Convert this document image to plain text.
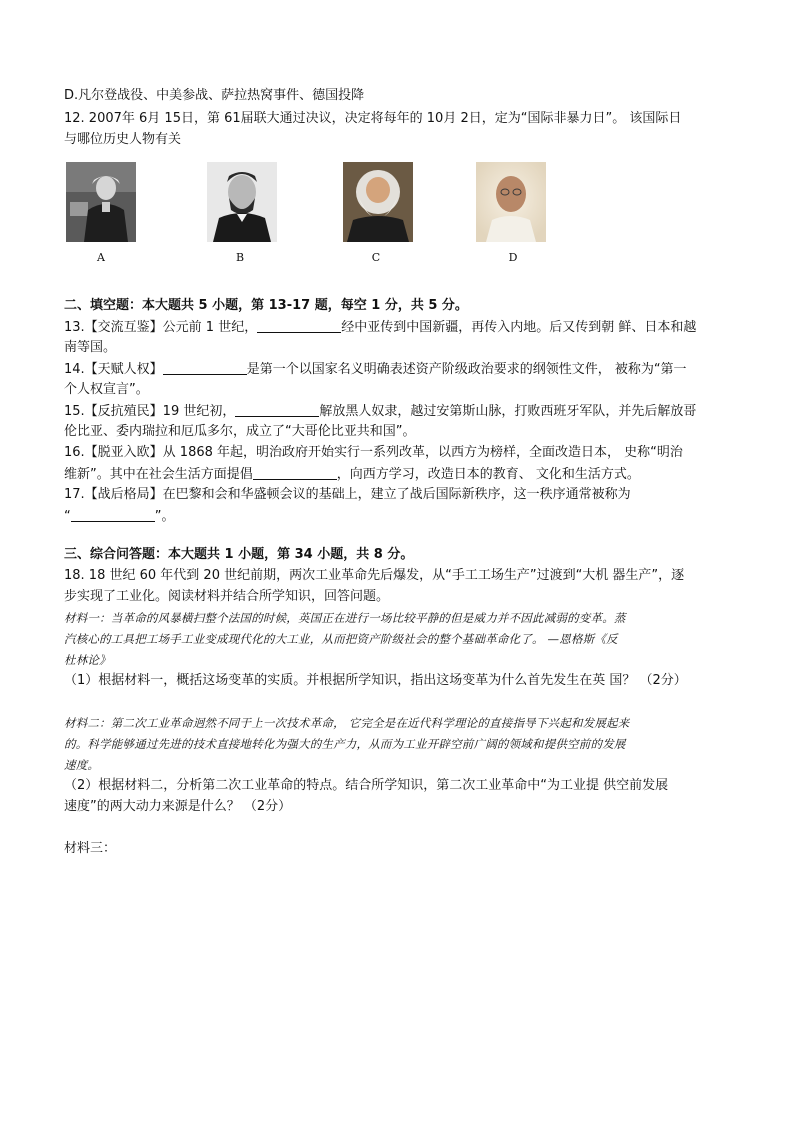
D.凡尔登战役、中美参战、萨拉热窝事件、德国投降
12. 2007年 6月 15日，第 61届联大通过决议，决定将每年的 10月 2日，定为“国际非暴力日”。 该国际日
与哪位历史人物有关
A	B	C	D
二、填空题：本大题共 5 小题，第 13-17 题，每空 1 分，共 5 分。
13.【交流互鉴】公元前 1 世纪，	经中亚传到中国新疆，再传入内地。后又传到朝 鲜、日本和越
南等国。
14.【天赋人权】	是第一个以国家名义明确表述资产阶级政治要求的纲领性文件， 被称为“第一
个人权宣言”。
15.【反抗殖民】19 世纪初，	解放黑人奴隶，越过安第斯山脉，打败西班牙军队，并先后解放哥
伦比亚、委内瑞拉和厄瓜多尔，成立了“大哥伦比亚共和国”。
16.【脱亚入欧】从 1868 年起，明治政府开始实行一系列改革，以西方为榜样，全面改造日本， 史称“明治
维新”。其中在社会生活方面提倡	，向西方学习，改造日本的教育、 文化和生活方式。
17.【战后格局】在巴黎和会和华盛顿会议的基础上，建立了战后国际新秩序，这一秩序通常被称为
“	”。
三、综合问答题：本大题共 1 小题，第 34 小题，共 8 分。
18. 18 世纪 60 年代到 20 世纪前期，两次工业革命先后爆发，从“手工工场生产”过渡到“大机 器生产”，逐
步实现了工业化。阅读材料并结合所学知识，回答问题。
材料一：当革命的风暴横扫整个法国的时候，英国正在进行一场比较平静的但是威力并不因此减弱的变革。蒸
汽核心的工具把工场手工业变成现代化的大工业，从而把资产阶级社会的整个基础革命化了。 —恩格斯《反
杜林论》
（1）根据材料一，概括这场变革的实质。并根据所学知识，指出这场变革为什么首先发生在英 国？ （2分）
材料二：第二次工业革命迥然不同于上一次技术革命， 它完全是在近代科学理论的直接指导下兴起和发展起来
的。科学能够通过先进的技术直接地转化为强大的生产力，从而为工业开辟空前广阔的领域和提供空前的发展
速度。
（2）根据材料二，分析第二次工业革命的特点。结合所学知识，第二次工业革命中“为工业提 供空前发展
速度”的两大动力来源是什么？ （2分）
材料三：
